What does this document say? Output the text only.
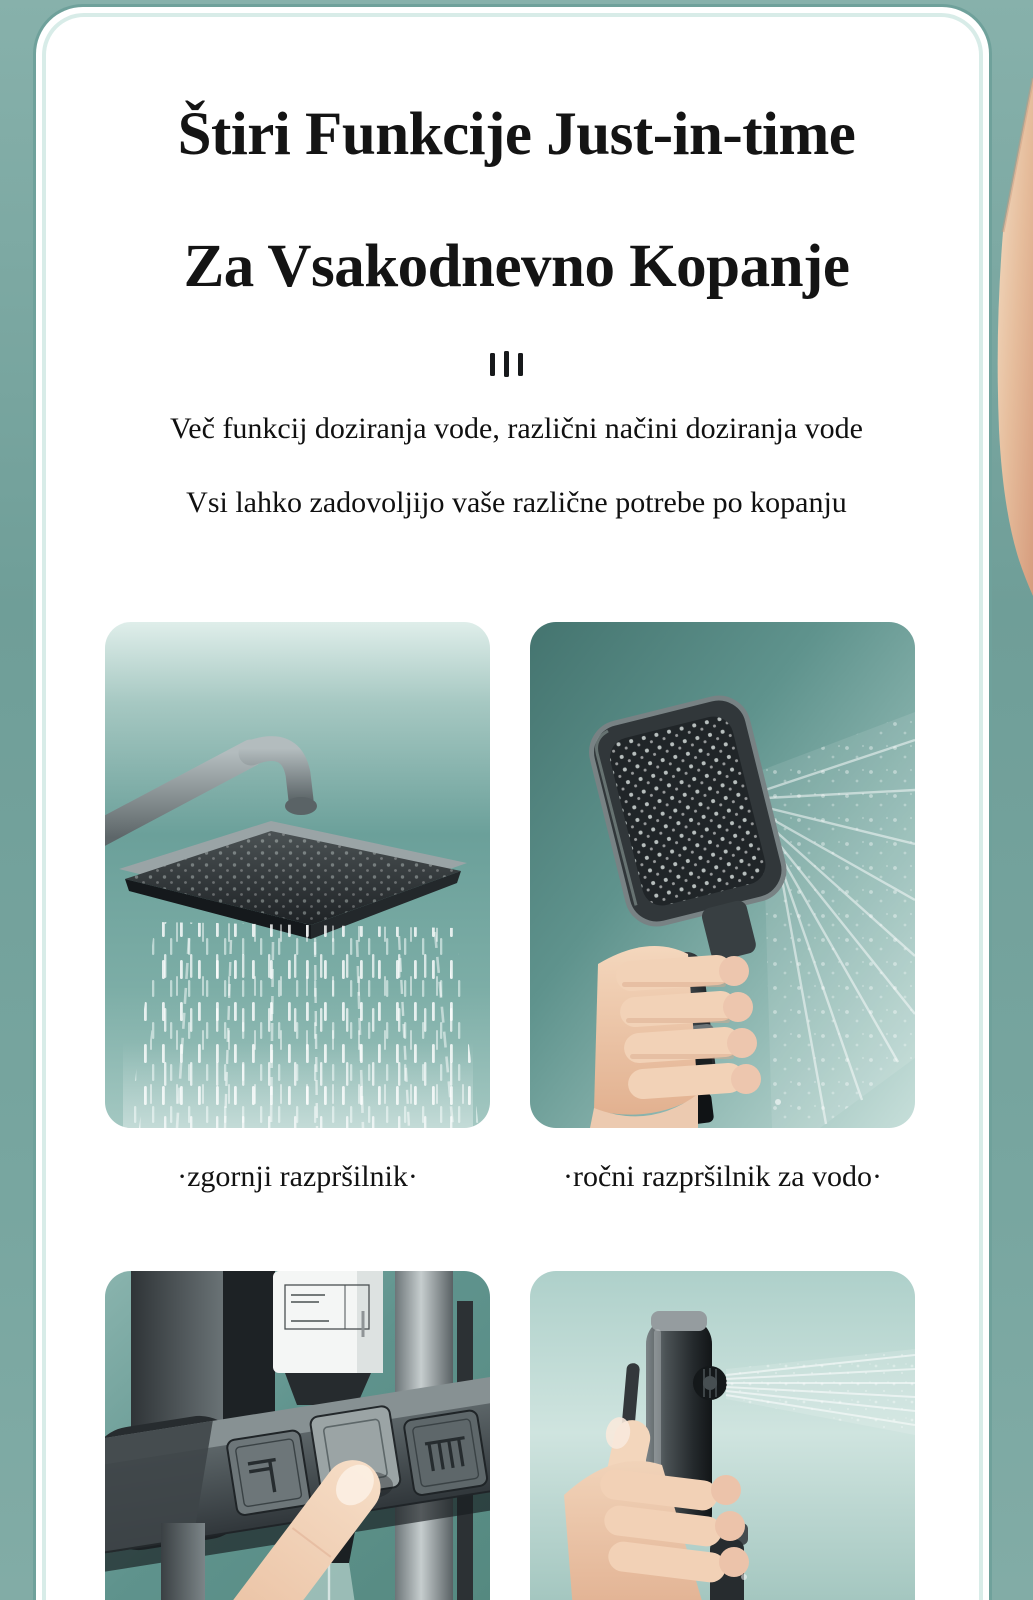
Štiri Funkcije Just-in-time
Za Vsakodnevno Kopanje

Več funkcij doziranja vode, različni načini doziranja vode

Vsi lahko zadovoljijo vaše različne potrebe po kopanju

·zgornji razpršilnik·	·ročni razpršilnik za vodo·
